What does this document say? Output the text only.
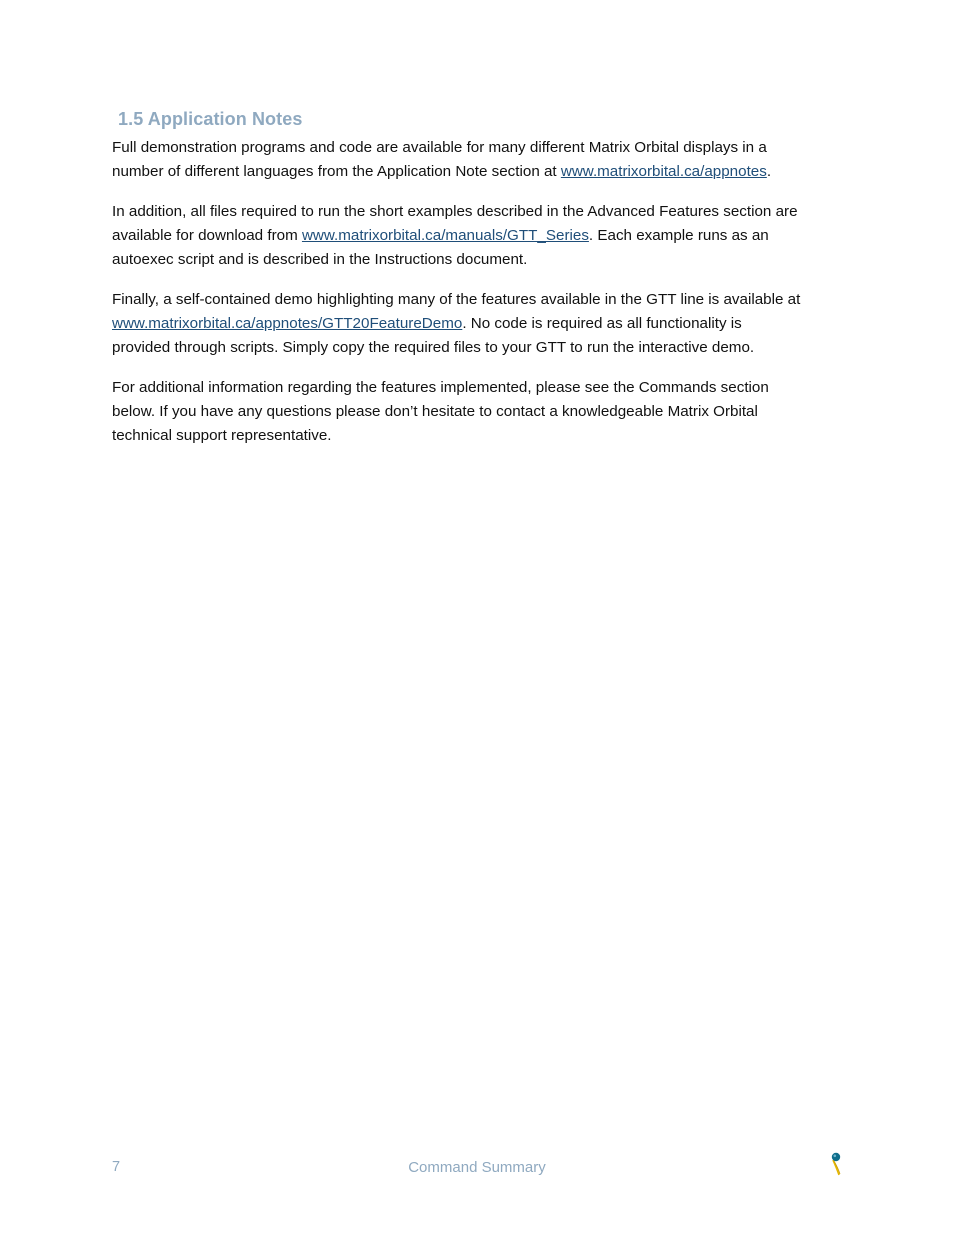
1.5 Application Notes

Full demonstration programs and code are available for many different Matrix Orbital displays in a
number of different languages from the Application Note section at www.matrixorbital.ca/appnotes.

In addition, all files required to run the short examples described in the Advanced Features section are
available for download from www.matrixorbital.ca/manuals/GTT_Series. Each example runs as an
autoexec script and is described in the Instructions document.

Finally, a self-contained demo highlighting many of the features available in the GTT line is available at
www.matrixorbital.ca/appnotes/GTT20FeatureDemo. No code is required as all functionality is
provided through scripts. Simply copy the required files to your GTT to run the interactive demo.

For additional information regarding the features implemented, please see the Commands section
below. If you have any questions please don’t hesitate to contact a knowledgeable Matrix Orbital
technical support representative.

7	Command Summary
